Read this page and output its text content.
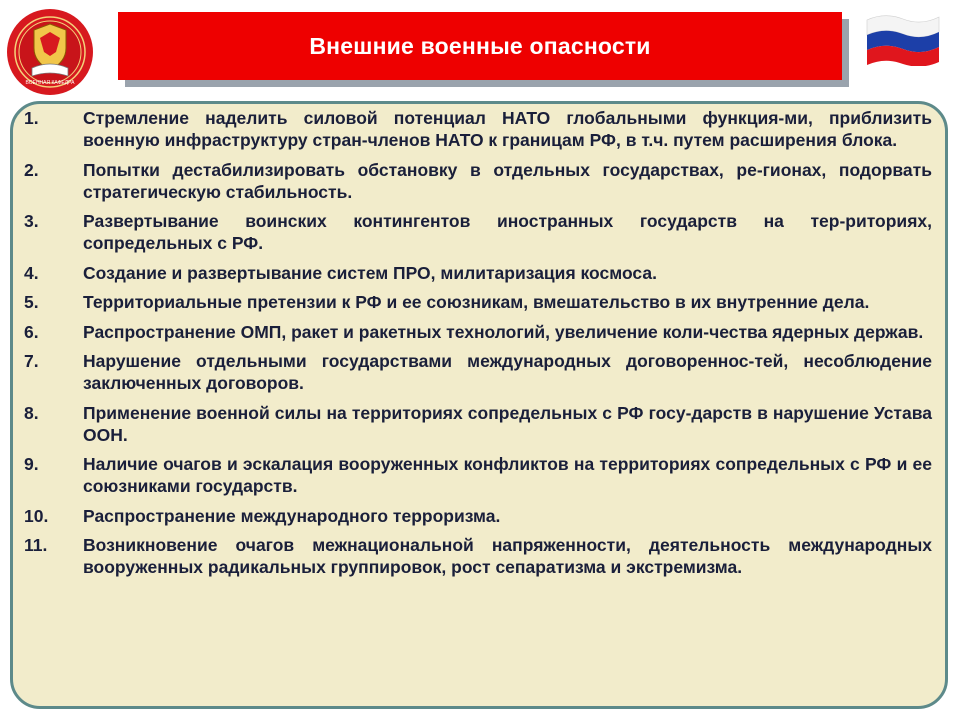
ВОЕННАЯ КАФЕДРА
Внешние военные опасности
1.	Стремление наделить силовой потенциал НАТО глобальными функция-ми, приблизить военную инфраструктуру стран-членов НАТО к границам РФ, в т.ч. путем расширения блока.
2.	Попытки дестабилизировать обстановку в отдельных государствах, ре-гионах, подорвать стратегическую стабильность.
3.	Развертывание воинских контингентов иностранных государств на тер-риториях, сопредельных с РФ.
4.	Создание и развертывание систем ПРО, милитаризация космоса.
5.	Территориальные претензии к РФ и ее союзникам, вмешательство в их внутренние дела.
6.	Распространение ОМП, ракет и ракетных технологий, увеличение коли-чества ядерных держав.
7.	Нарушение отдельными государствами международных договореннос-тей, несоблюдение заключенных договоров.
8.	Применение военной силы на территориях сопредельных с РФ госу-дарств в нарушение Устава ООН.
9.	Наличие очагов и эскалация вооруженных конфликтов на территориях сопредельных с РФ и ее союзниками государств.
10.	Распространение международного терроризма.
11.	Возникновение очагов межнациональной напряженности, деятельность международных вооруженных радикальных группировок, рост сепаратизма и экстремизма.
